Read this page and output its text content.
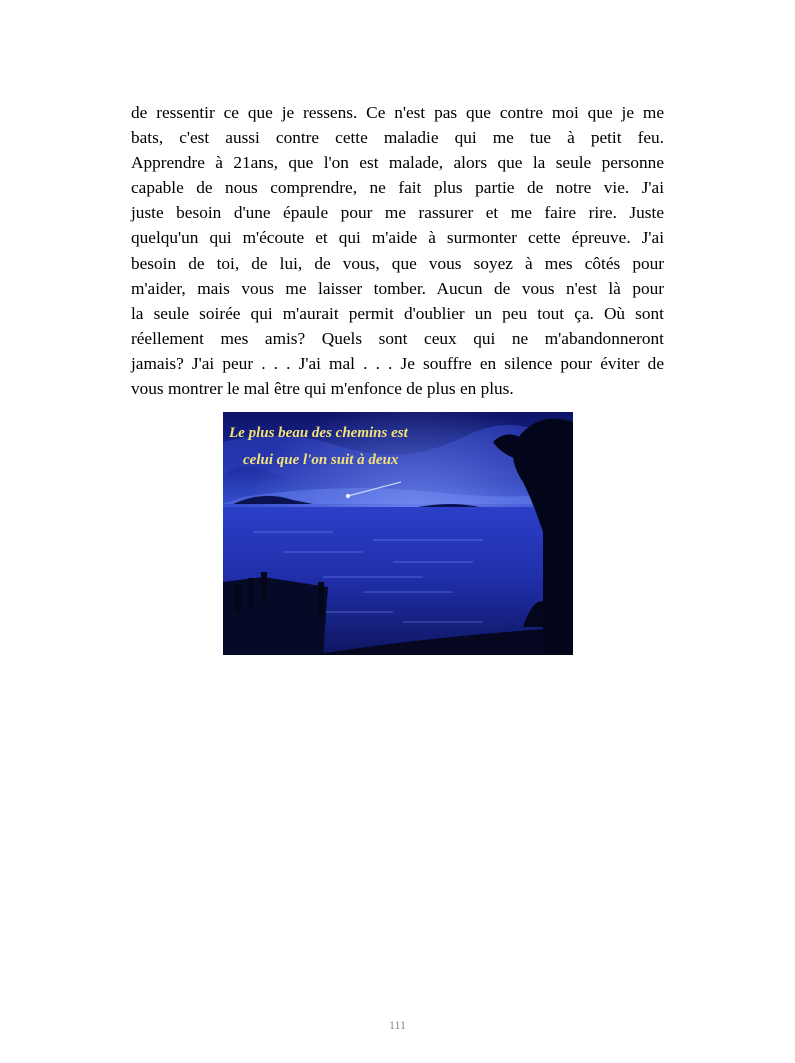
de ressentir ce que je ressens. Ce n'est pas que contre moi que je me
bats, c'est aussi contre cette maladie qui me tue à petit feu.
Apprendre à 21ans, que l'on est malade, alors que la seule personne
capable de nous comprendre, ne fait plus partie de notre vie. J'ai
juste besoin d'une épaule pour me rassurer et me faire rire. Juste
quelqu'un qui m'écoute et qui m'aide à surmonter cette épreuve. J'ai
besoin de toi, de lui, de vous, que vous soyez à mes côtés pour
m'aider, mais vous me laisser tomber. Aucun de vous n'est là pour
la seule soirée qui m'aurait permit d'oublier un peu tout ça. Où sont
réellement mes amis? Quels sont ceux qui ne m'abandonneront
jamais? J'ai peur . . . J'ai mal . . . Je souffre en silence pour éviter de
vous montrer le mal être qui m'enfonce de plus en plus.
Le plus beau des chemins est
celui que l'on suit à deux
111
